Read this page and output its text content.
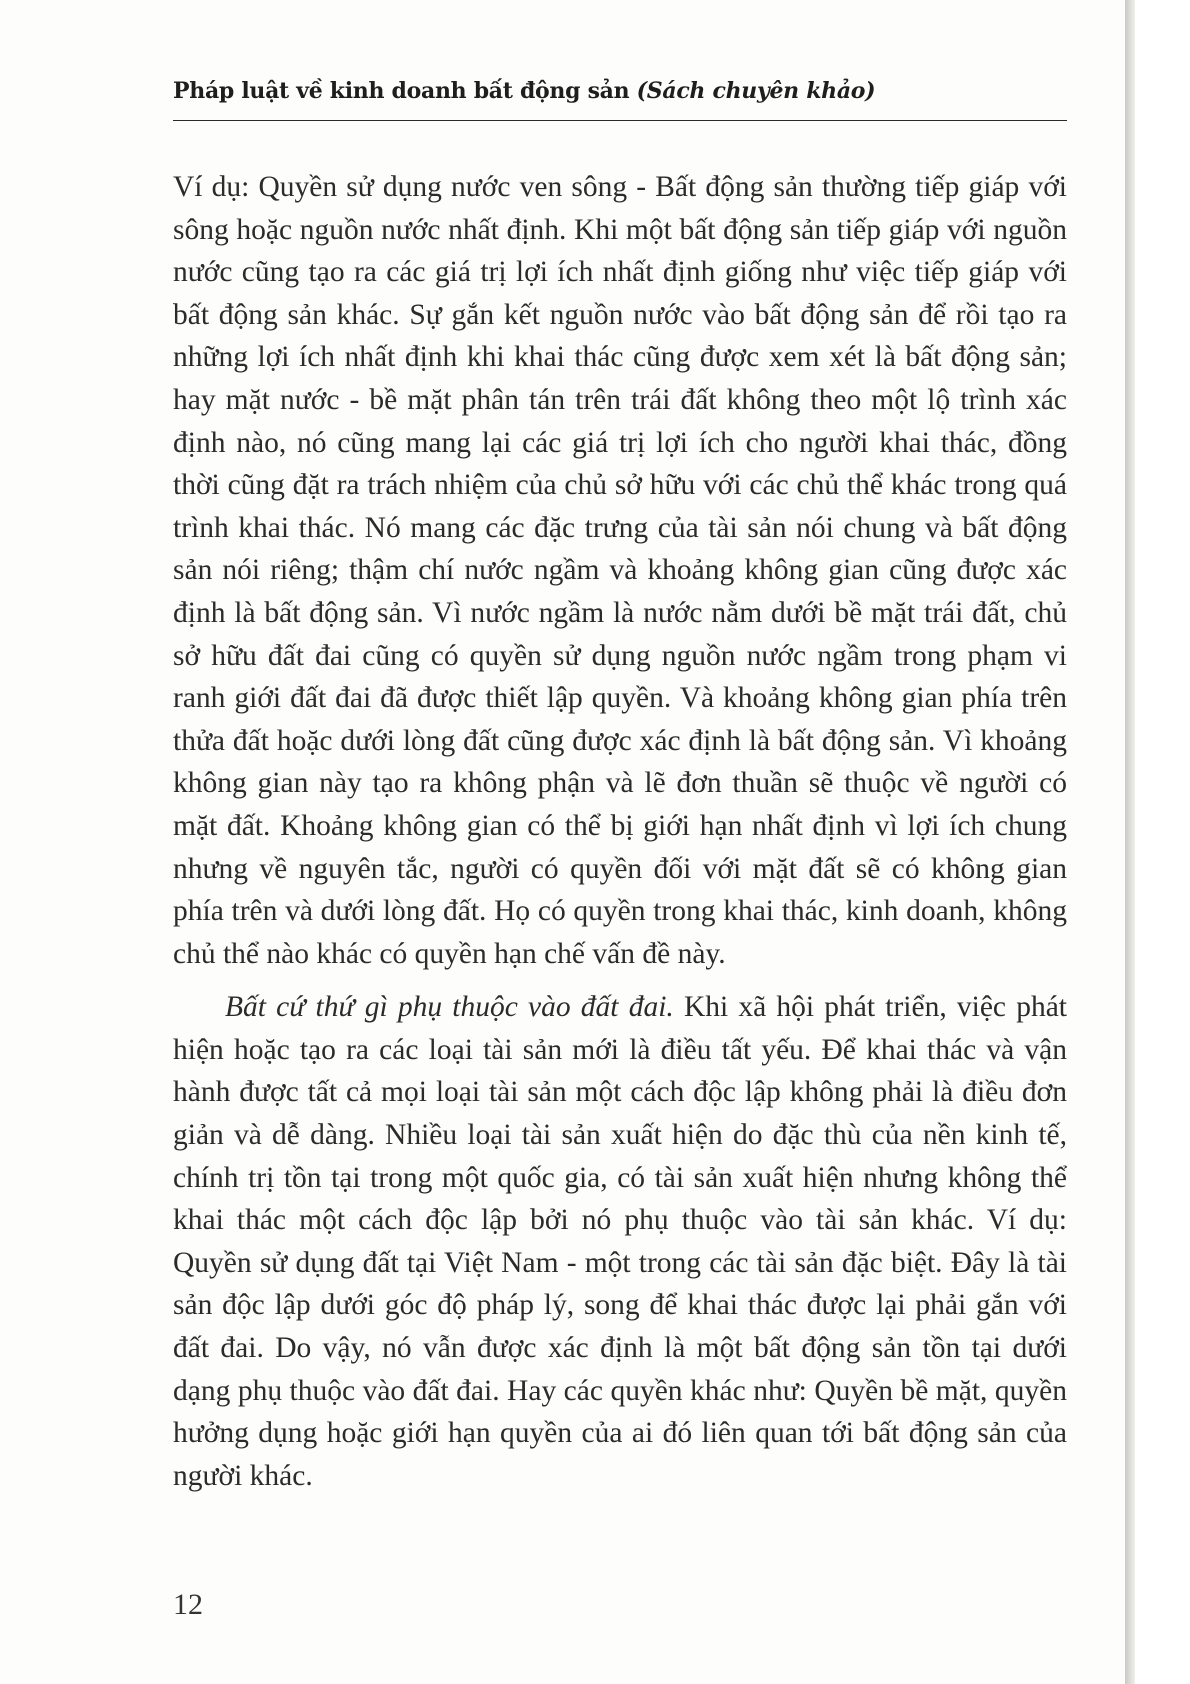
Pháp luật về kinh doanh bất động sản (Sách chuyên khảo)

Ví dụ: Quyền sử dụng nước ven sông - Bất động sản thường tiếp giáp với sông hoặc nguồn nước nhất định. Khi một bất động sản tiếp giáp với nguồn nước cũng tạo ra các giá trị lợi ích nhất định giống như việc tiếp giáp với bất động sản khác. Sự gắn kết nguồn nước vào bất động sản để rồi tạo ra những lợi ích nhất định khi khai thác cũng được xem xét là bất động sản; hay mặt nước - bề mặt phân tán trên trái đất không theo một lộ trình xác định nào, nó cũng mang lại các giá trị lợi ích cho người khai thác, đồng thời cũng đặt ra trách nhiệm của chủ sở hữu với các chủ thể khác trong quá trình khai thác. Nó mang các đặc trưng của tài sản nói chung và bất động sản nói riêng; thậm chí nước ngầm và khoảng không gian cũng được xác định là bất động sản. Vì nước ngầm là nước nằm dưới bề mặt trái đất, chủ sở hữu đất đai cũng có quyền sử dụng nguồn nước ngầm trong phạm vi ranh giới đất đai đã được thiết lập quyền. Và khoảng không gian phía trên thửa đất hoặc dưới lòng đất cũng được xác định là bất động sản. Vì khoảng không gian này tạo ra không phận và lẽ đơn thuần sẽ thuộc về người có mặt đất. Khoảng không gian có thể bị giới hạn nhất định vì lợi ích chung nhưng về nguyên tắc, người có quyền đối với mặt đất sẽ có không gian phía trên và dưới lòng đất. Họ có quyền trong khai thác, kinh doanh, không chủ thể nào khác có quyền hạn chế vấn đề này.

Bất cứ thứ gì phụ thuộc vào đất đai. Khi xã hội phát triển, việc phát hiện hoặc tạo ra các loại tài sản mới là điều tất yếu. Để khai thác và vận hành được tất cả mọi loại tài sản một cách độc lập không phải là điều đơn giản và dễ dàng. Nhiều loại tài sản xuất hiện do đặc thù của nền kinh tế, chính trị tồn tại trong một quốc gia, có tài sản xuất hiện nhưng không thể khai thác một cách độc lập bởi nó phụ thuộc vào tài sản khác. Ví dụ: Quyền sử dụng đất tại Việt Nam - một trong các tài sản đặc biệt. Đây là tài sản độc lập dưới góc độ pháp lý, song để khai thác được lại phải gắn với đất đai. Do vậy, nó vẫn được xác định là một bất động sản tồn tại dưới dạng phụ thuộc vào đất đai. Hay các quyền khác như: Quyền bề mặt, quyền hưởng dụng hoặc giới hạn quyền của ai đó liên quan tới bất động sản của người khác.

12
